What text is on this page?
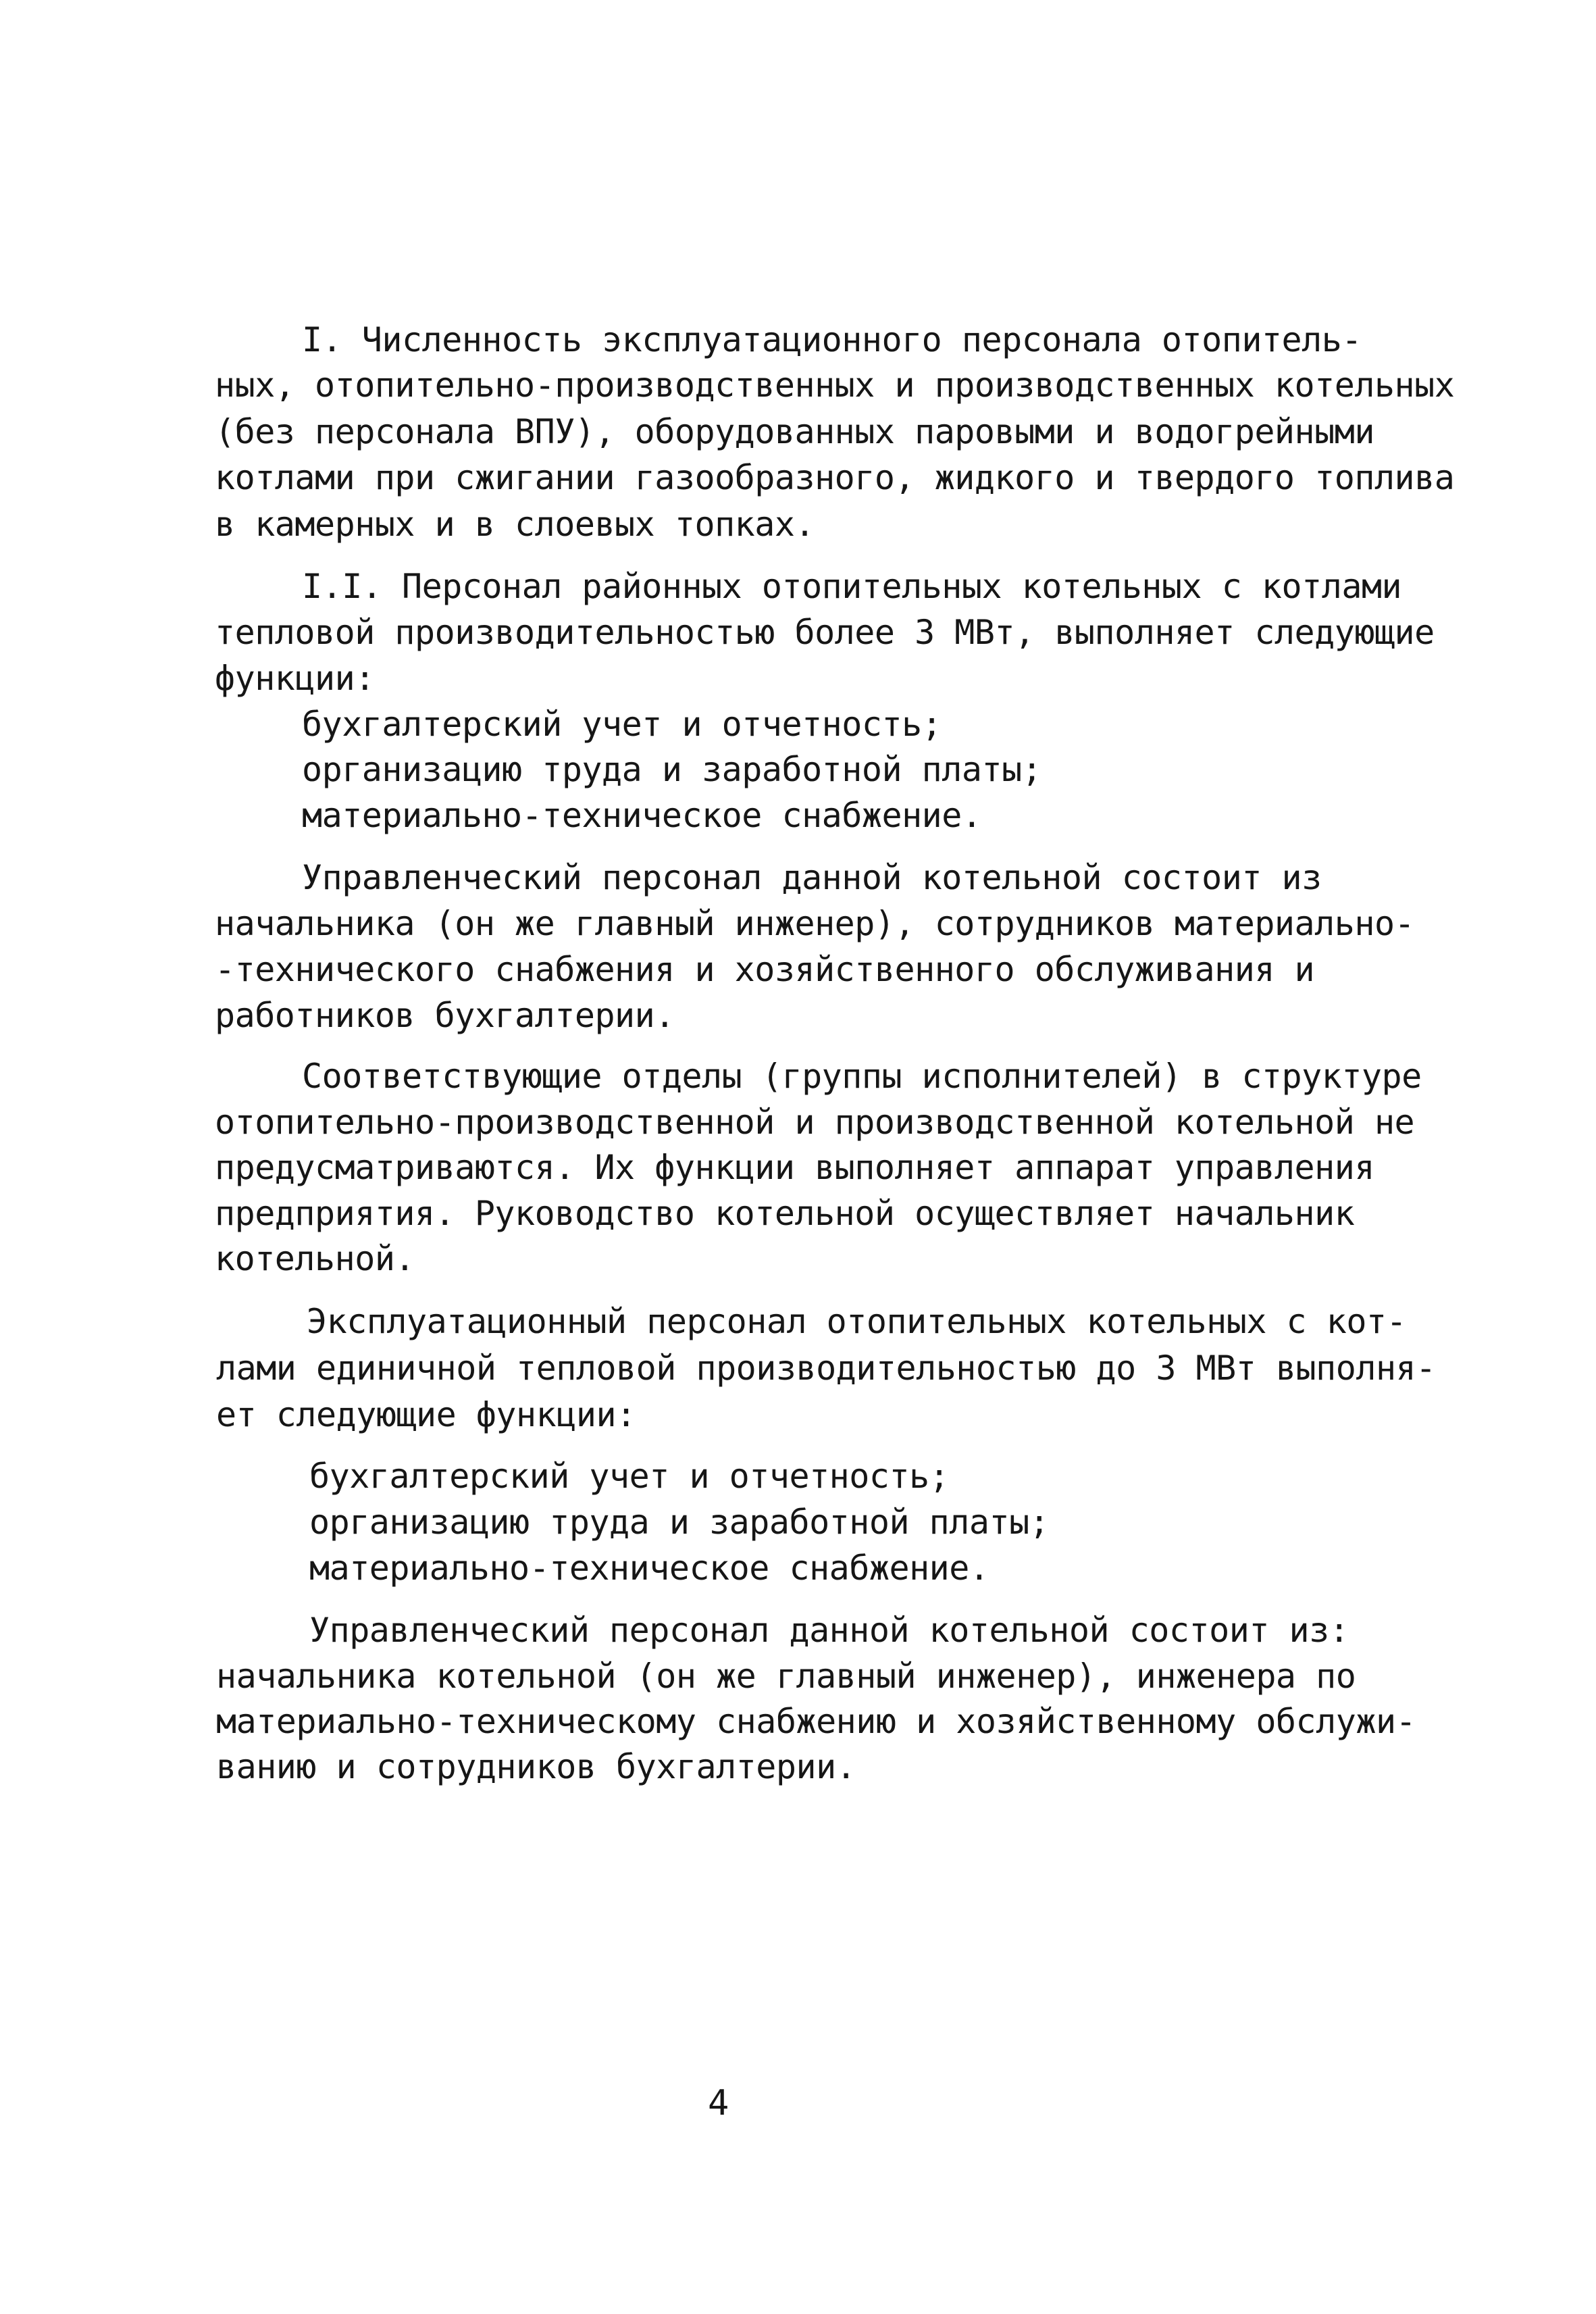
I. Численность эксплуатационного персонала отопитель-
ных, отопительно-производственных и производственных котельных
(без персонала ВПУ), оборудованных паровыми и водогрейными
котлами при сжигании газообразного, жидкого и твердого топлива
в камерных и в слоевых топках.
I.I. Персонал районных отопительных котельных с котлами
тепловой производительностью более 3 МВт, выполняет следующие
функции:
бухгалтерский учет и отчетность;
организацию труда и заработной платы;
материально-техническое снабжение.
Управленческий персонал данной котельной состоит из
начальника (он же главный инженер), сотрудников материально-
-технического снабжения и хозяйственного обслуживания и
работников бухгалтерии.
Соответствующие отделы (группы исполнителей) в структуре
отопительно-производственной и производственной котельной не
предусматриваются. Их функции выполняет аппарат управления
предприятия. Руководство котельной осуществляет начальник
котельной.
Эксплуатационный персонал отопительных котельных с кот-
лами единичной тепловой производительностью до 3 МВт выполня-
ет следующие функции:
бухгалтерский учет и отчетность;
организацию труда и заработной платы;
материально-техническое снабжение.
Управленческий персонал данной котельной состоит из:
начальника котельной (он же главный инженер), инженера по
материально-техническому снабжению и хозяйственному обслужи-
ванию и сотрудников бухгалтерии.
4
